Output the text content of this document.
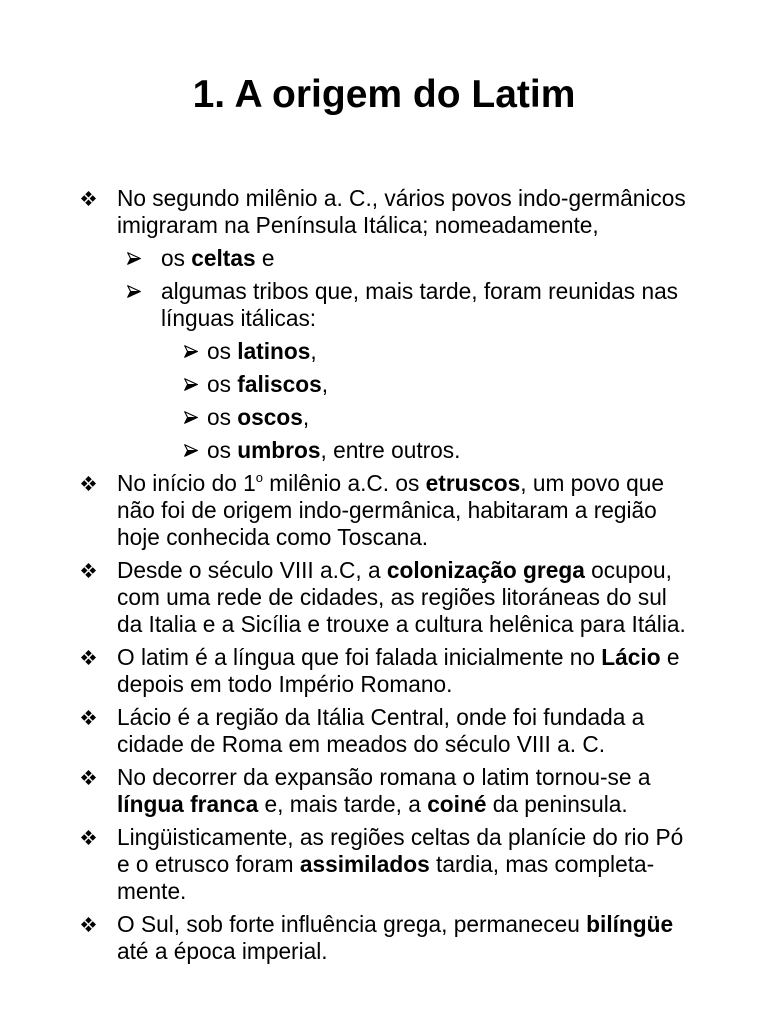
1. A origem do Latim
No segundo milênio a. C., vários povos indo-germânicos
imigraram na Península Itálica; nomeadamente,
os celtas e
algumas tribos que, mais tarde, foram reunidas nas
línguas itálicas:
os latinos,
os faliscos,
os oscos,
os umbros, entre outros.
No início do 1$^o$ milênio a.C. os etruscos, um povo que
não foi de origem indo-germânica, habitaram a região
hoje conhecida como Toscana.
Desde o século VIII a.C, a colonização grega ocupou,
com uma rede de cidades, as regiões litoráneas do sul
da Italia e a Sicília e trouxe a cultura helênica para Itália.
O latim é a língua que foi falada inicialmente no Lácio e
depois em todo Império Romano.
Lácio é a região da Itália Central, onde foi fundada a
cidade de Roma em meados do século VIII a. C.
No decorrer da expansão romana o latim tornou-se a
língua franca e, mais tarde, a coiné da peninsula.
Lingüisticamente, as regiões celtas da planície do rio Pó
e o etrusco foram assimilados tardia, mas completa-
mente.
O Sul, sob forte influência grega, permaneceu bilíngüe
até a época imperial.
